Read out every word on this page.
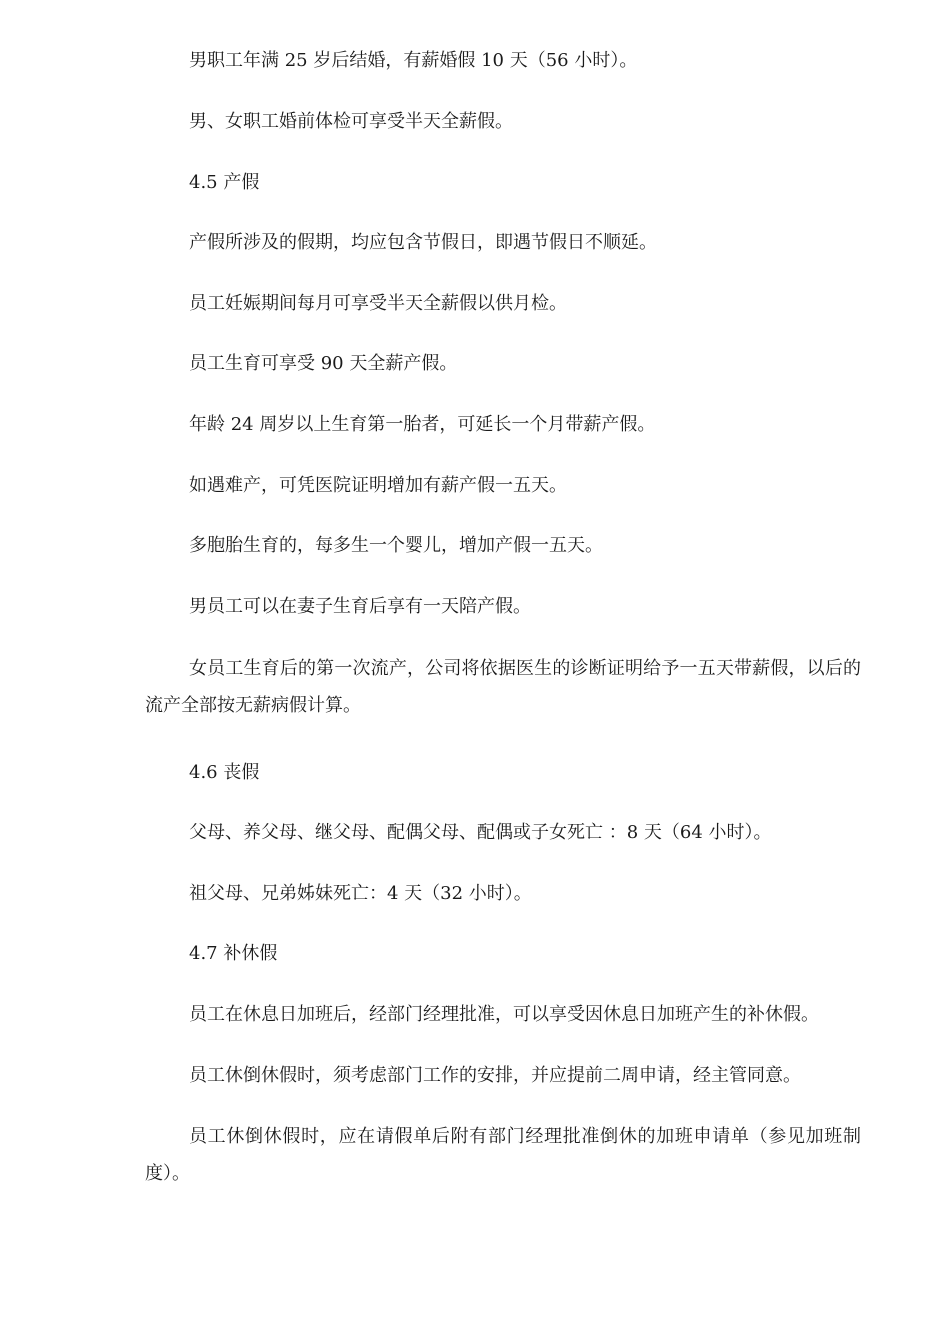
男职工年满 25 岁后结婚，有薪婚假 10 天（56 小时）。

男、女职工婚前体检可享受半天全薪假。

4.5 产假

产假所涉及的假期，均应包含节假日，即遇节假日不顺延。

员工妊娠期间每月可享受半天全薪假以供月检。

员工生育可享受 90 天全薪产假。

年龄 24 周岁以上生育第一胎者，可延长一个月带薪产假。

如遇难产，可凭医院证明增加有薪产假一五天。

多胞胎生育的，每多生一个婴儿，增加产假一五天。

男员工可以在妻子生育后享有一天陪产假。

女员工生育后的第一次流产，公司将依据医生的诊断证明给予一五天带薪假，以后的流产全部按无薪病假计算。

4.6 丧假

父母、养父母、继父母、配偶父母、配偶或子女死亡 ：8 天（64 小时）。

祖父母、兄弟姊妹死亡：4 天（32 小时）。

4.7 补休假

员工在休息日加班后，经部门经理批准，可以享受因休息日加班产生的补休假。

员工休倒休假时，须考虑部门工作的安排，并应提前二周申请，经主管同意。

员工休倒休假时，应在请假单后附有部门经理批准倒休的加班申请单（参见加班制度）。
